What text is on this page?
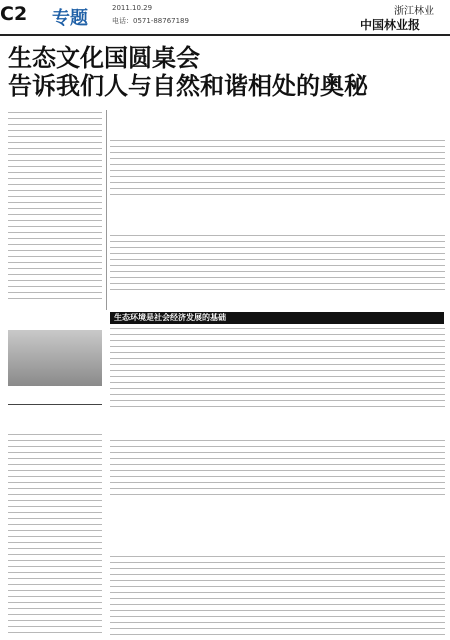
C2	专题	2011.10.29
电话：0571-88767189
浙江林业
中国林业报
生态文化国圆桌会
告诉我们人与自然和谐相处的奥秘
生态环境是社会经济发展的基础
